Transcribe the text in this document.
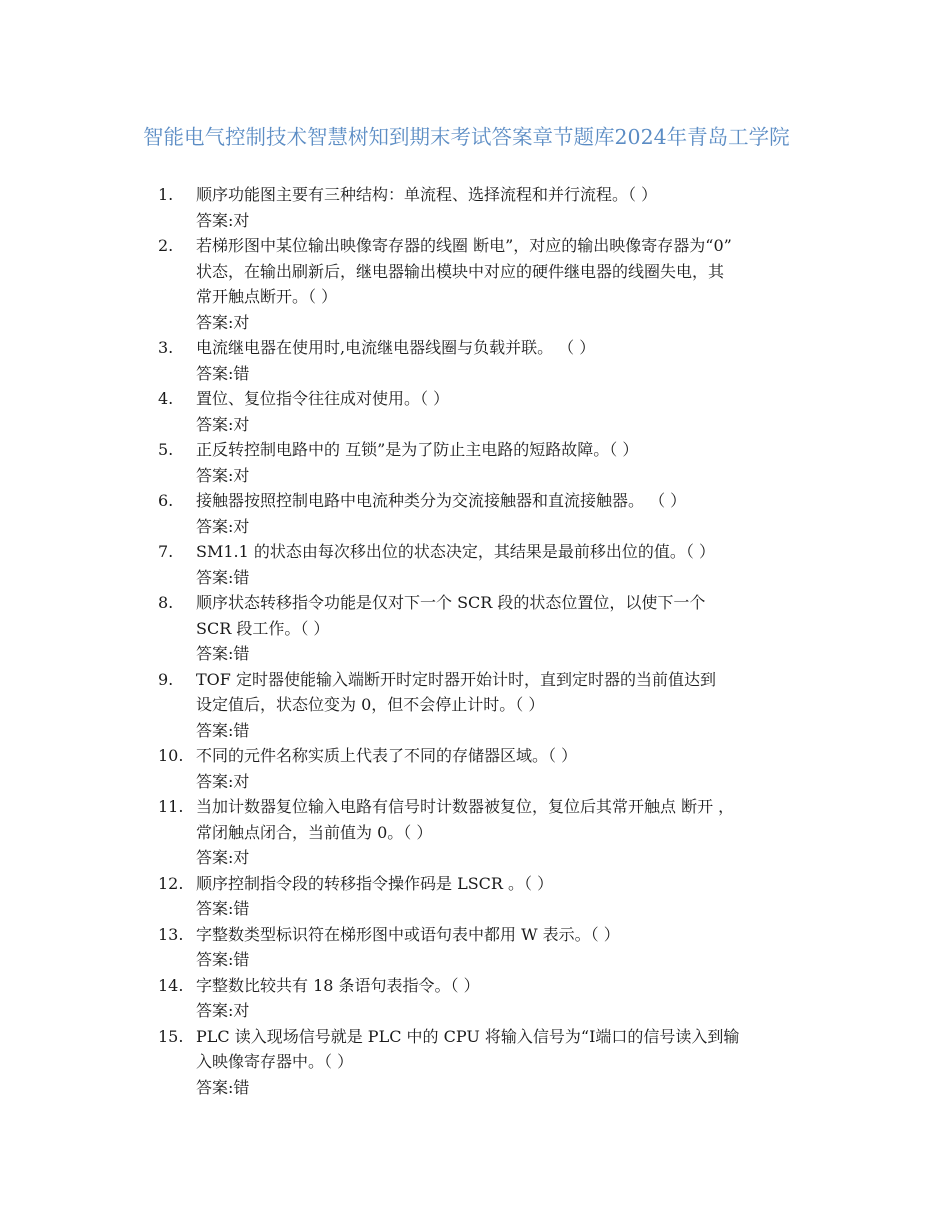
智能电气控制技术智慧树知到期末考试答案章节题库2024年青岛工学院
1.	顺序功能图主要有三种结构：单流程、选择流程和并行流程。（ ）

答案:对

2.	若梯形图中某位输出映像寄存器的线圈 断电”，对应的输出映像寄存器为“0”
状态，在输出刷新后，继电器输出模块中对应的硬件继电器的线圈失电，其
常开触点断开。（ ）

答案:对

3.	电流继电器在使用时,电流继电器线圈与负载并联。 （ ）

答案:错

4.	置位、复位指令往往成对使用。（ ）

答案:对

5.	正反转控制电路中的 互锁”是为了防止主电路的短路故障。（ ）

答案:对

6.	接触器按照控制电路中电流种类分为交流接触器和直流接触器。 （ ）

答案:对

7.	SM1.1 的状态由每次移出位的状态决定，其结果是最前移出位的值。（ ）

答案:错

8.	顺序状态转移指令功能是仅对下一个 SCR 段的状态位置位，以使下一个
SCR 段工作。（ ）

答案:错

9.	TOF 定时器使能输入端断开时定时器开始计时，直到定时器的当前值达到
设定值后，状态位变为 0，但不会停止计时。（ ）

答案:错

10. 不同的元件名称实质上代表了不同的存储器区域。（ ）

答案:对

11. 当加计数器复位输入电路有信号时计数器被复位，复位后其常开触点 断开 ，
常闭触点闭合，当前值为 0。（ ）

答案:对

12. 顺序控制指令段的转移指令操作码是 LSCR 。（ ）

答案:错

13. 字整数类型标识符在梯形图中或语句表中都用 W 表示。（ ）

答案:错

14. 字整数比较共有 18 条语句表指令。（ ）

答案:对

15. PLC 读入现场信号就是 PLC 中的 CPU 将输入信号为“I端口的信号读入到输
入映像寄存器中。（ ）

答案:错
